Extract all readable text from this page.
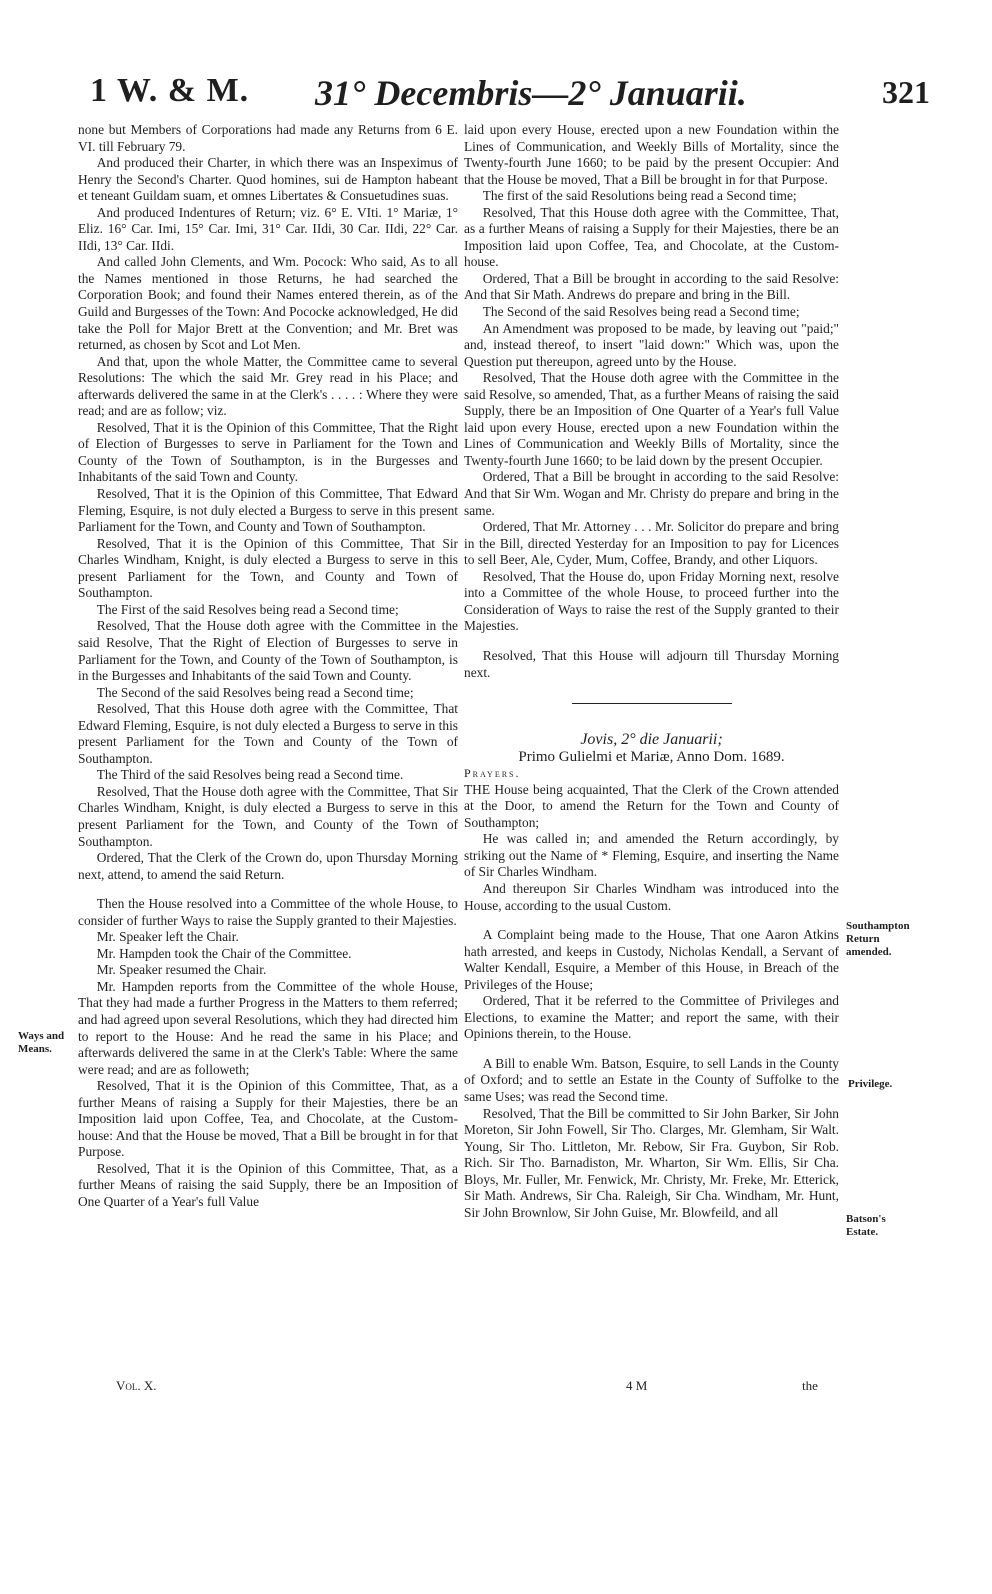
1 W. & M. 31° Decembris—2° Januarii.	321

none but Members of Corporations had made any Returns from 6 E. VI. till February 79.

And produced their Charter, in which there was an Inspeximus of Henry the Second's Charter. Quod homines, sui de Hampton habeant et teneant Guildam suam, et omnes Libertates & Consuetudines suas.

And produced Indentures of Return; viz. 6° E. VIti. 1° Mariæ, 1° Eliz. 16° Car. Imi, 15° Car. Imi, 31° Car. IIdi, 30 Car. IIdi, 22° Car. IIdi, 13° Car. IIdi.

And called John Clements, and Wm. Pocock: Who said, As to all the Names mentioned in those Returns, he had searched the Corporation Book; and found their Names entered therein, as of the Guild and Burgesses of the Town: And Pococke acknowledged, He did take the Poll for Major Brett at the Convention; and Mr. Bret was returned, as chosen by Scot and Lot Men.

And that, upon the whole Matter, the Committee came to several Resolutions: The which the said Mr. Grey read in his Place; and afterwards delivered the same in at the Clerk's . . . . : Where they were read; and are as follow; viz.

Resolved, That it is the Opinion of this Committee, That the Right of Election of Burgesses to serve in Parliament for the Town and County of the Town of Southampton, is in the Burgesses and Inhabitants of the said Town and County.

Resolved, That it is the Opinion of this Committee, That Edward Fleming, Esquire, is not duly elected a Burgess to serve in this present Parliament for the Town, and County and Town of Southampton.

Resolved, That it is the Opinion of this Committee, That Sir Charles Windham, Knight, is duly elected a Burgess to serve in this present Parliament for the Town, and County and Town of Southampton.

The First of the said Resolves being read a Second time;

Resolved, That the House doth agree with the Committee in the said Resolve, That the Right of Election of Burgesses to serve in Parliament for the Town, and County of the Town of Southampton, is in the Burgesses and Inhabitants of the said Town and County.

The Second of the said Resolves being read a Second time;

Resolved, That this House doth agree with the Committee, That Edward Fleming, Esquire, is not duly elected a Burgess to serve in this present Parliament for the Town and County of the Town of Southampton.

The Third of the said Resolves being read a Second time.

Resolved, That the House doth agree with the Committee, That Sir Charles Windham, Knight, is duly elected a Burgess to serve in this present Parliament for the Town, and County of the Town of Southampton.

Ordered, That the Clerk of the Crown do, upon Thursday Morning next, attend, to amend the said Return.

Then the House resolved into a Committee of the whole House, to consider of further Ways to raise the Supply granted to their Majesties.

Mr. Speaker left the Chair.

Mr. Hampden took the Chair of the Committee.

Mr. Speaker resumed the Chair.

Mr. Hampden reports from the Committee of the whole House, That they had made a further Progress in the Matters to them referred; and had agreed upon several Resolutions, which they had directed him to report to the House: And he read the same in his Place; and afterwards delivered the same in at the Clerk's Table: Where the same were read; and are as followeth;

Resolved, That it is the Opinion of this Committee, That, as a further Means of raising a Supply for their Majesties, there be an Imposition laid upon Coffee, Tea, and Chocolate, at the Custom-house: And that the House be moved, That a Bill be brought in for that Purpose.

Resolved, That it is the Opinion of this Committee, That, as a further Means of raising the said Supply, there be an Imposition of One Quarter of a Year's full Value

laid upon every House, erected upon a new Foundation within the Lines of Communication, and Weekly Bills of Mortality, since the Twenty-fourth June 1660; to be paid by the present Occupier: And that the House be moved, That a Bill be brought in for that Purpose.

The first of the said Resolutions being read a Second time;

Resolved, That this House doth agree with the Committee, That, as a further Means of raising a Supply for their Majesties, there be an Imposition laid upon Coffee, Tea, and Chocolate, at the Custom-house.

Ordered, That a Bill be brought in according to the said Resolve: And that Sir Math. Andrews do prepare and bring in the Bill.

The Second of the said Resolves being read a Second time;

An Amendment was proposed to be made, by leaving out "paid;" and, instead thereof, to insert "laid down:" Which was, upon the Question put thereupon, agreed unto by the House.

Resolved, That the House doth agree with the Committee in the said Resolve, so amended, That, as a further Means of raising the said Supply, there be an Imposition of One Quarter of a Year's full Value laid upon every House, erected upon a new Foundation within the Lines of Communication and Weekly Bills of Mortality, since the Twenty-fourth June 1660; to be laid down by the present Occupier.

Ordered, That a Bill be brought in according to the said Resolve: And that Sir Wm. Wogan and Mr. Christy do prepare and bring in the same.

Ordered, That Mr. Attorney . . . Mr. Solicitor do prepare and bring in the Bill, directed Yesterday for an Imposition to pay for Licences to sell Beer, Ale, Cyder, Mum, Coffee, Brandy, and other Liquors.

Resolved, That the House do, upon Friday Morning next, resolve into a Committee of the whole House, to proceed further into the Consideration of Ways to raise the rest of the Supply granted to their Majesties.

Resolved, That this House will adjourn till Thursday Morning next.

Jovis, 2° die Januarii;

Primo Gulielmi et Mariæ, Anno Dom. 1689.

Prayers.

THE House being acquainted, That the Clerk of the Crown attended at the Door, to amend the Return for the Town and County of Southampton;

He was called in; and amended the Return accordingly, by striking out the Name of * Fleming, Esquire, and inserting the Name of Sir Charles Windham.

And thereupon Sir Charles Windham was introduced into the House, according to the usual Custom.

A Complaint being made to the House, That one Aaron Atkins hath arrested, and keeps in Custody, Nicholas Kendall, a Servant of Walter Kendall, Esquire, a Member of this House, in Breach of the Privileges of the House;

Ordered, That it be referred to the Committee of Privileges and Elections, to examine the Matter; and report the same, with their Opinions therein, to the House.

A Bill to enable Wm. Batson, Esquire, to sell Lands in the County of Oxford; and to settle an Estate in the County of Suffolke to the same Uses; was read the Second time.

Resolved, That the Bill be committed to Sir John Barker, Sir John Moreton, Sir John Fowell, Sir Tho. Clarges, Mr. Glemham, Sir Walt. Young, Sir Tho. Littleton, Mr. Rebow, Sir Fra. Guybon, Sir Rob. Rich. Sir Tho. Barnadiston, Mr. Wharton, Sir Wm. Ellis, Sir Cha. Bloys, Mr. Fuller, Mr. Fenwick, Mr. Christy, Mr. Freke, Mr. Etterick, Sir Math. Andrews, Sir Cha. Raleigh, Sir Cha. Windham, Mr. Hunt, Sir John Brownlow, Sir John Guise, Mr. Blowfeild, and all

Ways and Means.
Southampton Return amended.
Privilege.
Batson's Estate.
Vol. X.	4 M	the
